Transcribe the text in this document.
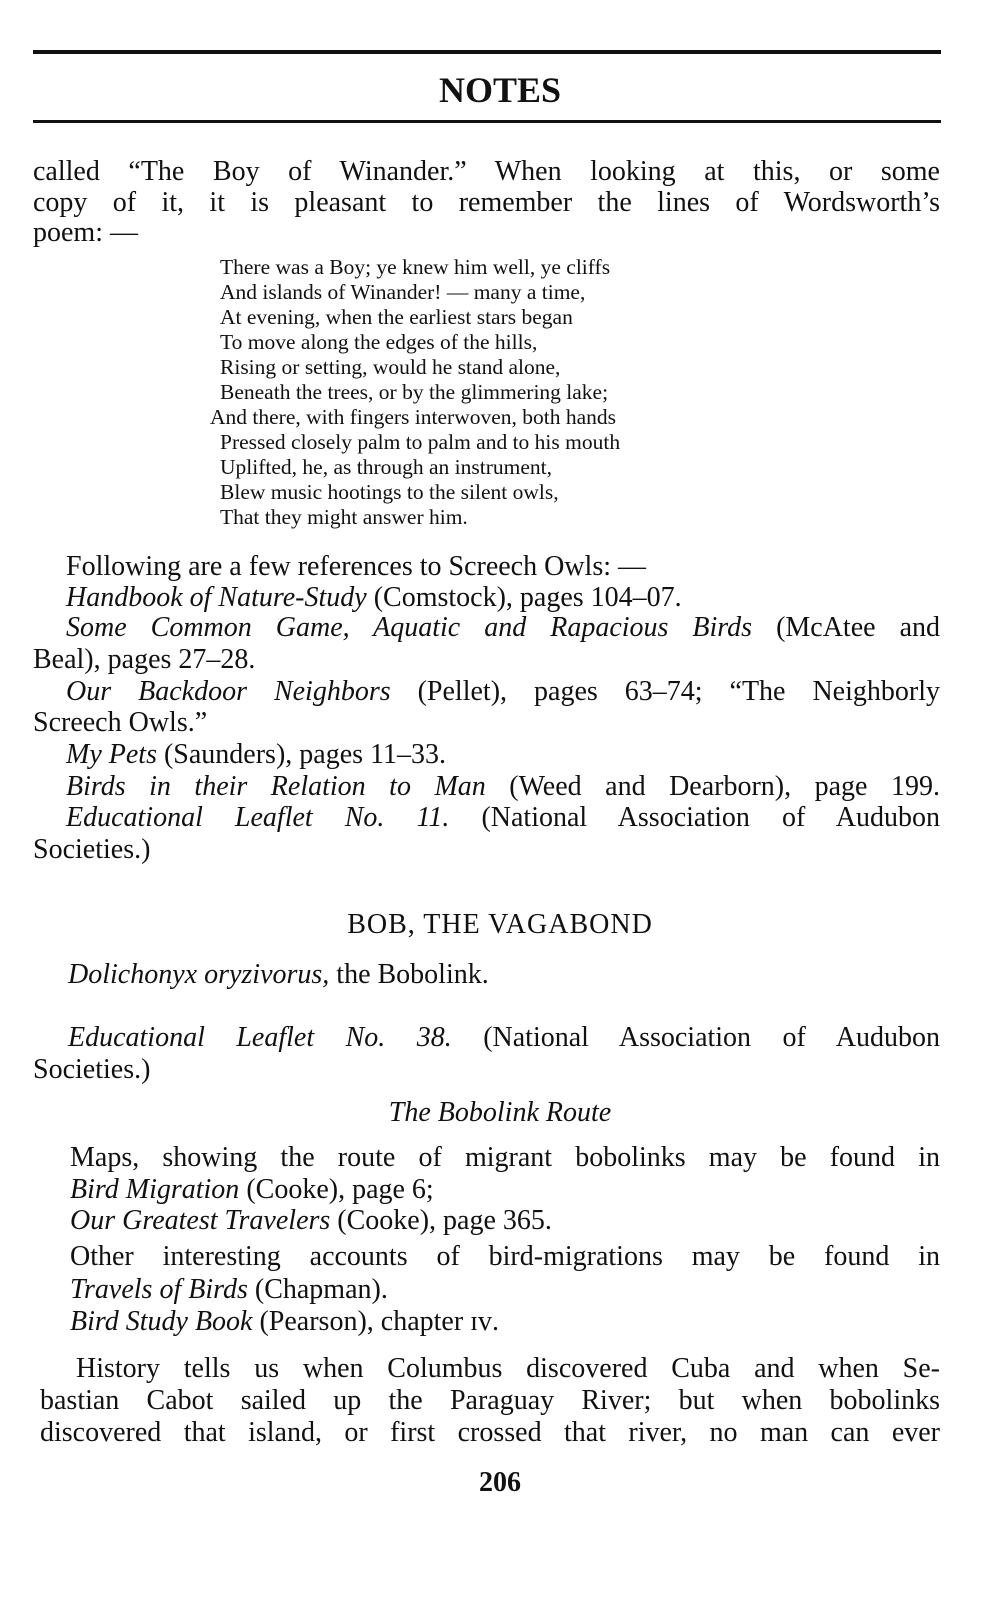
NOTES
called “The Boy of Winander.” When looking at this, or some
copy of it, it is pleasant to remember the lines of Wordsworth’s
poem: —
There was a Boy; ye knew him well, ye cliffs
And islands of Winander! — many a time,
At evening, when the earliest stars began
To move along the edges of the hills,
Rising or setting, would he stand alone,
Beneath the trees, or by the glimmering lake;
And there, with fingers interwoven, both hands
Pressed closely palm to palm and to his mouth
Uplifted, he, as through an instrument,
Blew music hootings to the silent owls,
That they might answer him.
Following are a few references to Screech Owls: —
Handbook of Nature-Study (Comstock), pages 104–07.
Some Common Game, Aquatic and Rapacious Birds (McAtee and
Beal), pages 27–28.
Our Backdoor Neighbors (Pellet), pages 63–74; “The Neighborly
Screech Owls.”
My Pets (Saunders), pages 11–33.
Birds in their Relation to Man (Weed and Dearborn), page 199.
Educational Leaflet No. 11. (National Association of Audubon
Societies.)
BOB, THE VAGABOND
Dolichonyx oryzivorus, the Bobolink.
Educational Leaflet No. 38. (National Association of Audubon
Societies.)
The Bobolink Route
Maps, showing the route of migrant bobolinks may be found in
Bird Migration (Cooke), page 6;
Our Greatest Travelers (Cooke), page 365.
Other interesting accounts of bird-migrations may be found in
Travels of Birds (Chapman).
Bird Study Book (Pearson), chapter ɪᴠ.
History tells us when Columbus discovered Cuba and when Se-
bastian Cabot sailed up the Paraguay River; but when bobolinks
discovered that island, or first crossed that river, no man can ever
206
